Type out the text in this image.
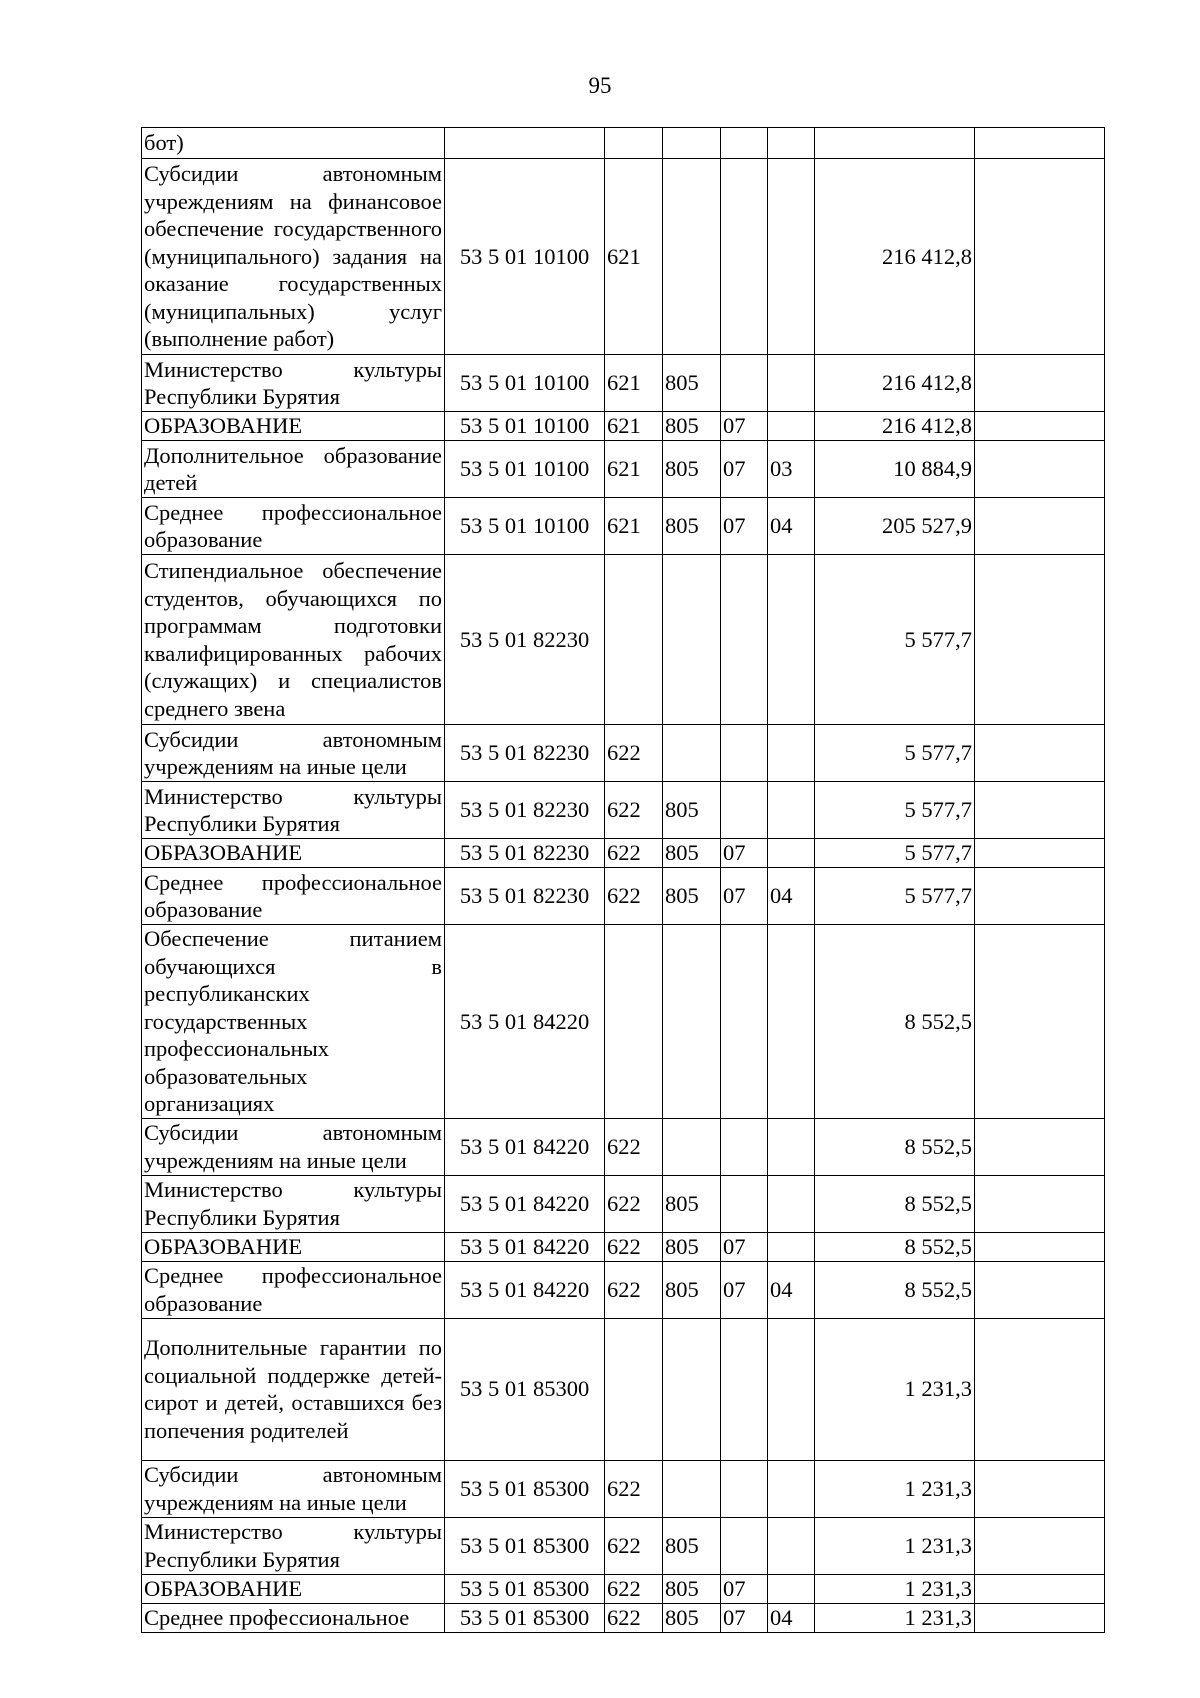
95
бот)							
Субсидии автономным учреждениям на финансовое обеспечение государственного (муниципального) задания на оказание государственных (муниципальных) услуг (выполнение работ)	53 5 01 10100	621				216 412,8	
Министерство культуры Республики Бурятия	53 5 01 10100	621	805			216 412,8	
ОБРАЗОВАНИЕ	53 5 01 10100	621	805	07		216 412,8	
Дополнительное образование детей	53 5 01 10100	621	805	07	03	10 884,9	
Среднее профессиональное образование	53 5 01 10100	621	805	07	04	205 527,9	
Стипендиальное обеспечение студентов, обучающихся по программам подготовки квалифицированных рабочих (служащих) и специалистов среднего звена	53 5 01 82230					5 577,7	
Субсидии автономным учреждениям на иные цели	53 5 01 82230	622				5 577,7	
Министерство культуры Республики Бурятия	53 5 01 82230	622	805			5 577,7	
ОБРАЗОВАНИЕ	53 5 01 82230	622	805	07		5 577,7	
Среднее профессиональное образование	53 5 01 82230	622	805	07	04	5 577,7	
Обеспечение питанием обучающихся в республиканских государственных профессиональных образовательных организациях	53 5 01 84220					8 552,5	
Субсидии автономным учреждениям на иные цели	53 5 01 84220	622				8 552,5	
Министерство культуры Республики Бурятия	53 5 01 84220	622	805			8 552,5	
ОБРАЗОВАНИЕ	53 5 01 84220	622	805	07		8 552,5	
Среднее профессиональное образование	53 5 01 84220	622	805	07	04	8 552,5	
Дополнительные гарантии по социальной поддержке детей-сирот и детей, оставшихся без попечения родителей	53 5 01 85300					1 231,3	
Субсидии автономным учреждениям на иные цели	53 5 01 85300	622				1 231,3	
Министерство культуры Республики Бурятия	53 5 01 85300	622	805			1 231,3	
ОБРАЗОВАНИЕ	53 5 01 85300	622	805	07		1 231,3	
Среднее профессиональное	53 5 01 85300	622	805	07	04	1 231,3	
